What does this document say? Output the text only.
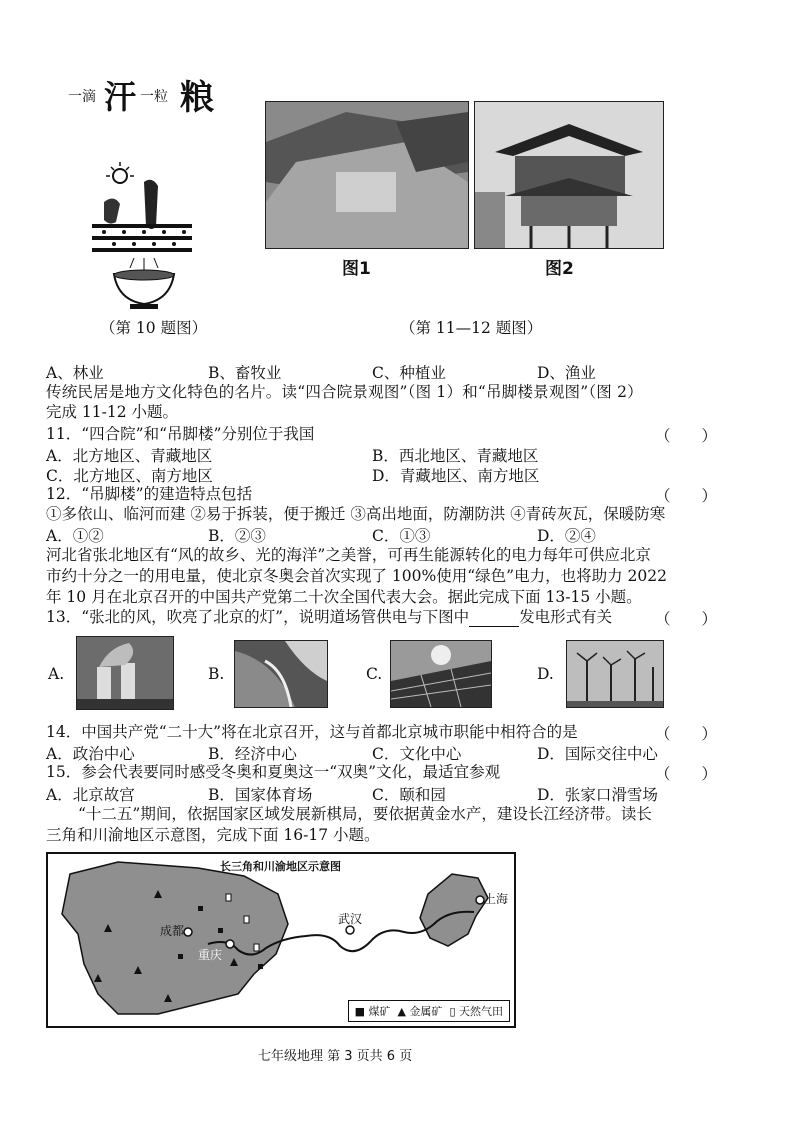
一滴 汗 一粒 粮
（第 10 题图）
图1	图2
（第 11—12 题图）
A、林业	B、畜牧业	C、种植业	D、渔业
传统民居是地方文化特色的名片。读“四合院景观图”（图 1）和“吊脚楼景观图”（图 2）
完成 11-12 小题。
11．“四合院”和“吊脚楼”分别位于我国	（　　）
A．北方地区、青藏地区	B．西北地区、青藏地区
C．北方地区、南方地区	D．青藏地区、南方地区
12．“吊脚楼”的建造特点包括	（　　）
①多依山、临河而建 ②易于拆装，便于搬迁 ③高出地面，防潮防洪 ④青砖灰瓦，保暖防寒
A．①②	B．②③	C．①③	D．②④
河北省张北地区有“风的故乡、光的海洋”之美誉，可再生能源转化的电力每年可供应北京
市约十分之一的用电量，使北京冬奥会首次实现了 100%使用“绿色”电力，也将助力 2022
年 10 月在北京召开的中国共产党第二十次全国代表大会。据此完成下面 13-15 小题。
13．“张北的风，吹亮了北京的灯”，说明道场管供电与下图中	发电形式有关	（　　）
A.	B.	C.	D.
14．中国共产党“二十大”将在北京召开，这与首都北京城市职能中相符合的是	（　　）
A．政治中心	B．经济中心	C．文化中心	D．国际交往中心
15．参会代表要同时感受冬奥和夏奥这一“双奥”文化，最适宜参观	（　　）
A．北京故宫	B．国家体育场	C．颐和园	D．张家口滑雪场
“十二五”期间，依据国家区域发展新棋局，要依据黄金水产，建设长江经济带。读长
三角和川渝地区示意图，完成下面 16-17 小题。
长三角和川渝地区示意图
成都
重庆
武汉
上海
■ 煤矿 ▲ 金属矿 ▯ 天然气田
七年级地理 第 3 页共 6 页
